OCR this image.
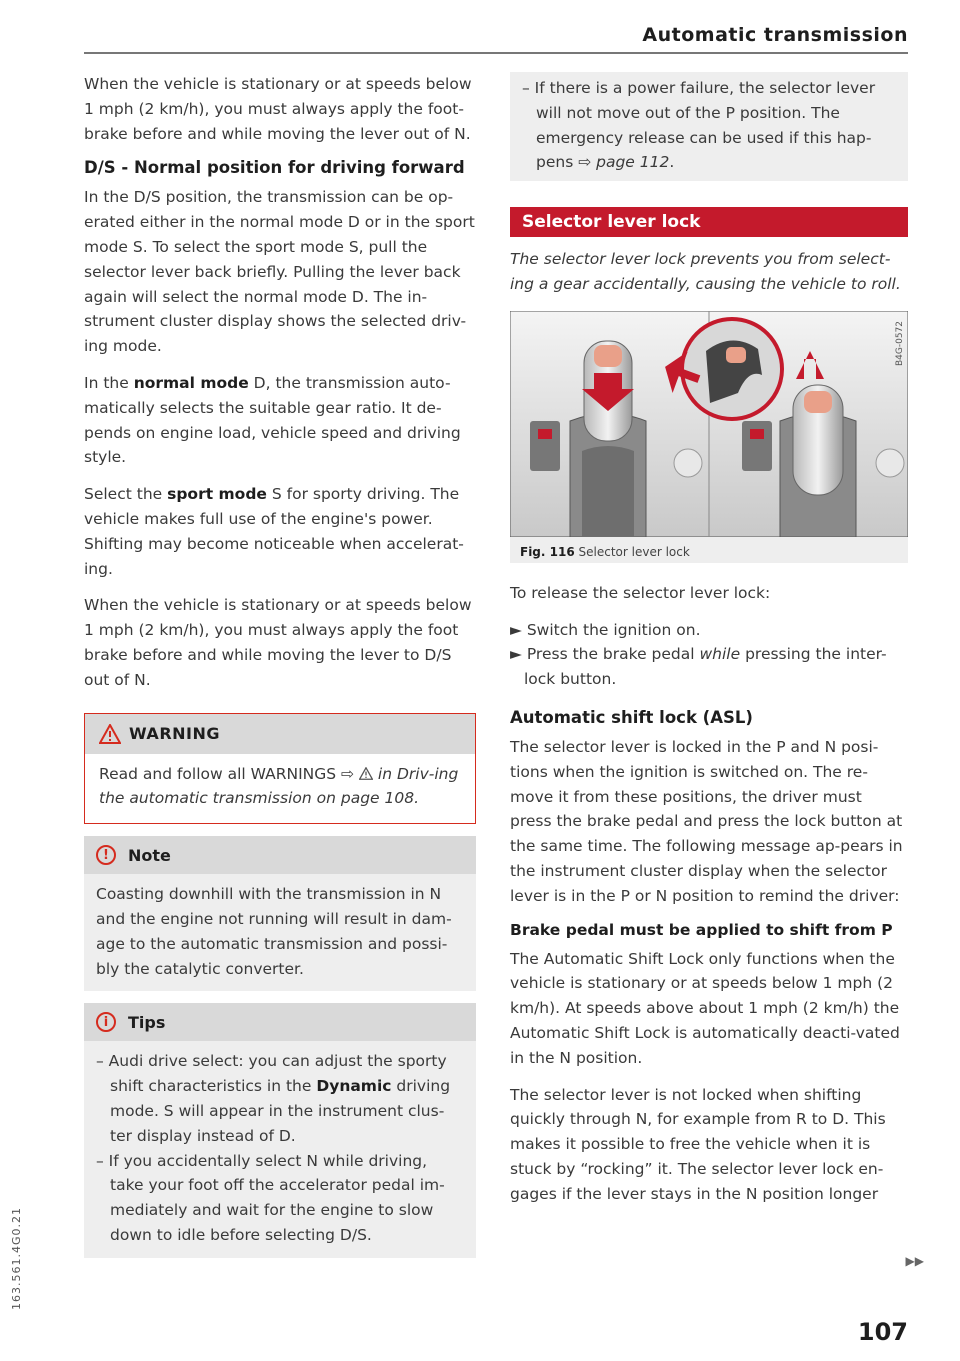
Automatic transmission
163.561.4G0.21

When the vehicle is stationary or at speeds below 1 mph (2 km/h), you must always apply the foot-brake before and while moving the lever out of N.

D/S - Normal position for driving forward

In the D/S position, the transmission can be op-erated either in the normal mode D or in the sport mode S. To select the sport mode S, pull the selector lever back briefly. Pulling the lever back again will select the normal mode D. The in-strument cluster display shows the selected driv-ing mode.

In the normal mode D, the transmission auto-matically selects the suitable gear ratio. It de-pends on engine load, vehicle speed and driving style.

Select the sport mode S for sporty driving. The vehicle makes full use of the engine's power. Shifting may become noticeable when accelerat-ing.

When the vehicle is stationary or at speeds below 1 mph (2 km/h), you must always apply the foot brake before and while moving the lever to D/S out of N.

WARNING

Read and follow all WARNINGS ⇨  in Driv-ing the automatic transmission on page 108.

!	Note

Coasting downhill with the transmission in N and the engine not running will result in dam-age to the automatic transmission and possi-bly the catalytic converter.

i	Tips

– Audi drive select: you can adjust the sporty shift characteristics in the Dynamic driving mode. S will appear in the instrument clus-ter display instead of D.

– If you accidentally select N while driving, take your foot off the accelerator pedal im-mediately and wait for the engine to slow down to idle before selecting D/S.

– If there is a power failure, the selector lever will not move out of the P position. The emergency release can be used if this hap-pens ⇨ page 112.

Selector lever lock

The selector lever lock prevents you from select-ing a gear accidentally, causing the vehicle to roll.

B4G-0572
Fig. 116 Selector lever lock

To release the selector lever lock:

► Switch the ignition on.

► Press the brake pedal while pressing the inter-lock button.

Automatic shift lock (ASL)

The selector lever is locked in the P and N posi-tions when the ignition is switched on. The re-move it from these positions, the driver must press the brake pedal and press the lock button at the same time. The following message ap-pears in the instrument cluster display when the selector lever is in the P or N position to remind the driver:

Brake pedal must be applied to shift from P

The Automatic Shift Lock only functions when the vehicle is stationary or at speeds below 1 mph (2 km/h). At speeds above about 1 mph (2 km/h) the Automatic Shift Lock is automatically deacti-vated in the N position.

The selector lever is not locked when shifting quickly through N, for example from R to D. This makes it possible to free the vehicle when it is stuck by “rocking” it. The selector lever lock en-gages if the lever stays in the N position longer

▶▶
107
